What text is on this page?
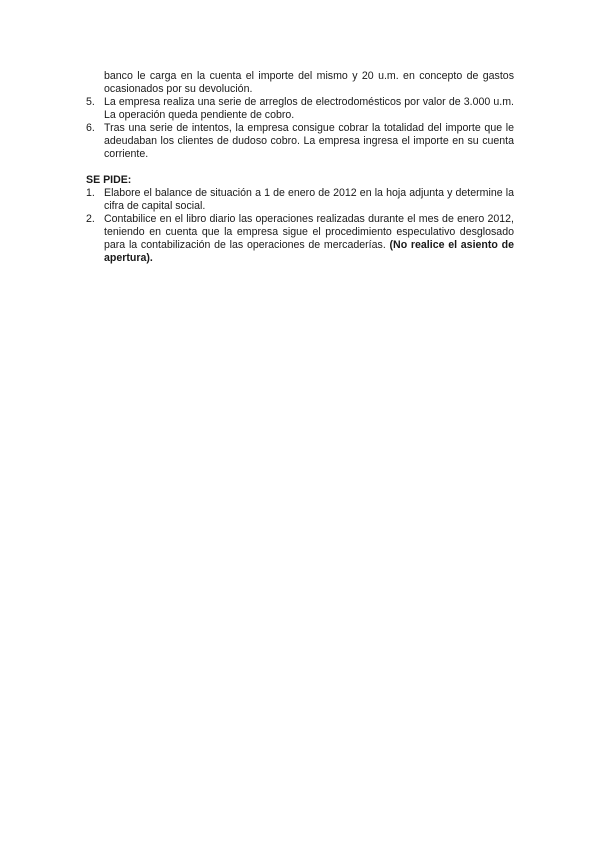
banco le carga en la cuenta el importe del mismo y 20 u.m. en concepto de gastos ocasionados por su devolución.
5. La empresa realiza una serie de arreglos de electrodomésticos por valor de 3.000 u.m. La operación queda pendiente de cobro.
6. Tras una serie de intentos, la empresa consigue cobrar la totalidad del importe que le adeudaban los clientes de dudoso cobro. La empresa ingresa el importe en su cuenta corriente.
SE PIDE:
1. Elabore el balance de situación a 1 de enero de 2012 en la hoja adjunta y determine la cifra de capital social.
2. Contabilice en el libro diario las operaciones realizadas durante el mes de enero 2012, teniendo en cuenta que la empresa sigue el procedimiento especulativo desglosado para la contabilización de las operaciones de mercaderías. (No realice el asiento de apertura).
